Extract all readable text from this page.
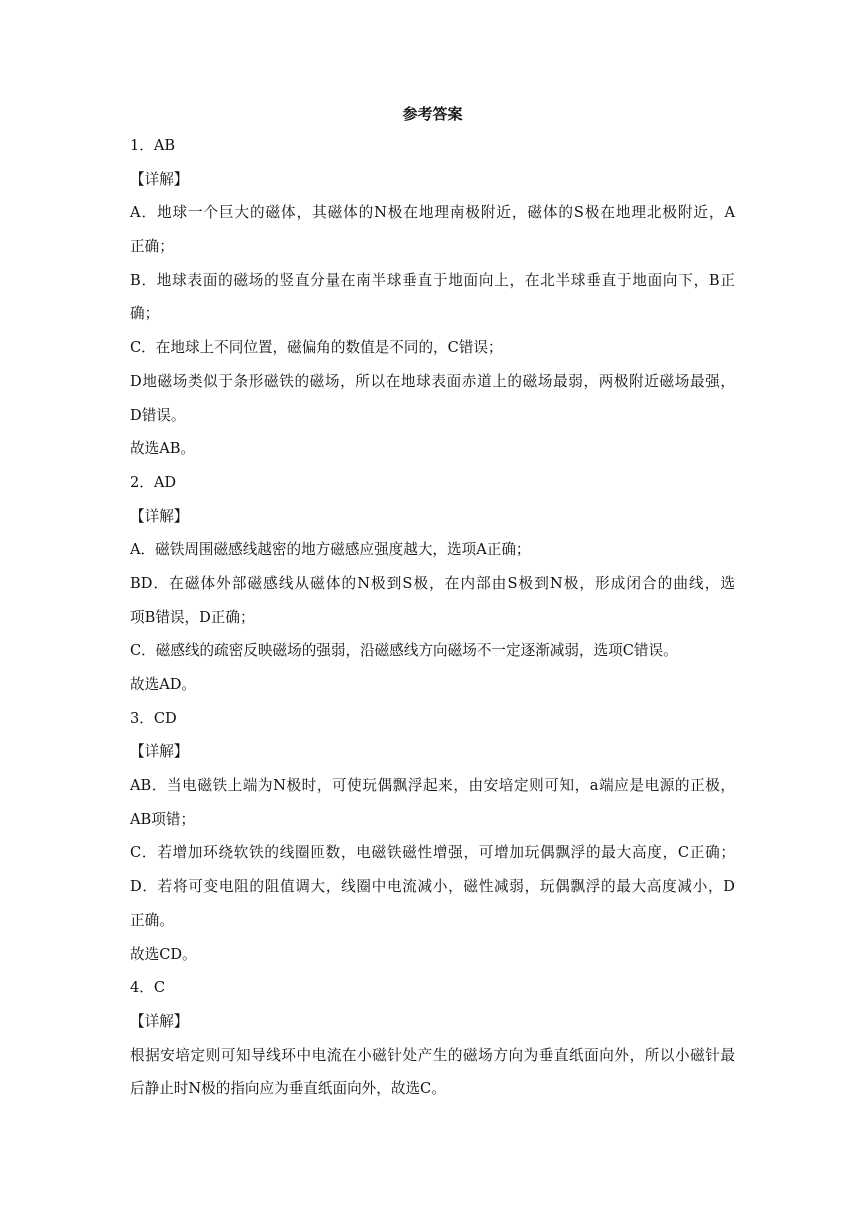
参考答案
1．AB
【详解】
A．地球一个巨大的磁体，其磁体的N极在地理南极附近，磁体的S极在地理北极附近，A
正确；
B．地球表面的磁场的竖直分量在南半球垂直于地面向上，在北半球垂直于地面向下，B正
确；
C．在地球上不同位置，磁偏角的数值是不同的，C错误；
D地磁场类似于条形磁铁的磁场，所以在地球表面赤道上的磁场最弱，两极附近磁场最强，
D错误。
故选AB。
2．AD
【详解】
A．磁铁周围磁感线越密的地方磁感应强度越大，选项A正确；
BD．在磁体外部磁感线从磁体的N极到S极，在内部由S极到N极，形成闭合的曲线，选
项B错误，D正确；
C．磁感线的疏密反映磁场的强弱，沿磁感线方向磁场不一定逐渐减弱，选项C错误。
故选AD。
3．CD
【详解】
AB．当电磁铁上端为N极时，可使玩偶飘浮起来，由安培定则可知，a端应是电源的正极，
AB项错；
C．若增加环绕软铁的线圈匝数，电磁铁磁性增强，可增加玩偶飘浮的最大高度，C正确；
D．若将可变电阻的阻值调大，线圈中电流减小，磁性减弱，玩偶飘浮的最大高度减小，D
正确。
故选CD。
4．C
【详解】
根据安培定则可知导线环中电流在小磁针处产生的磁场方向为垂直纸面向外，所以小磁针最
后静止时N极的指向应为垂直纸面向外，故选C。
